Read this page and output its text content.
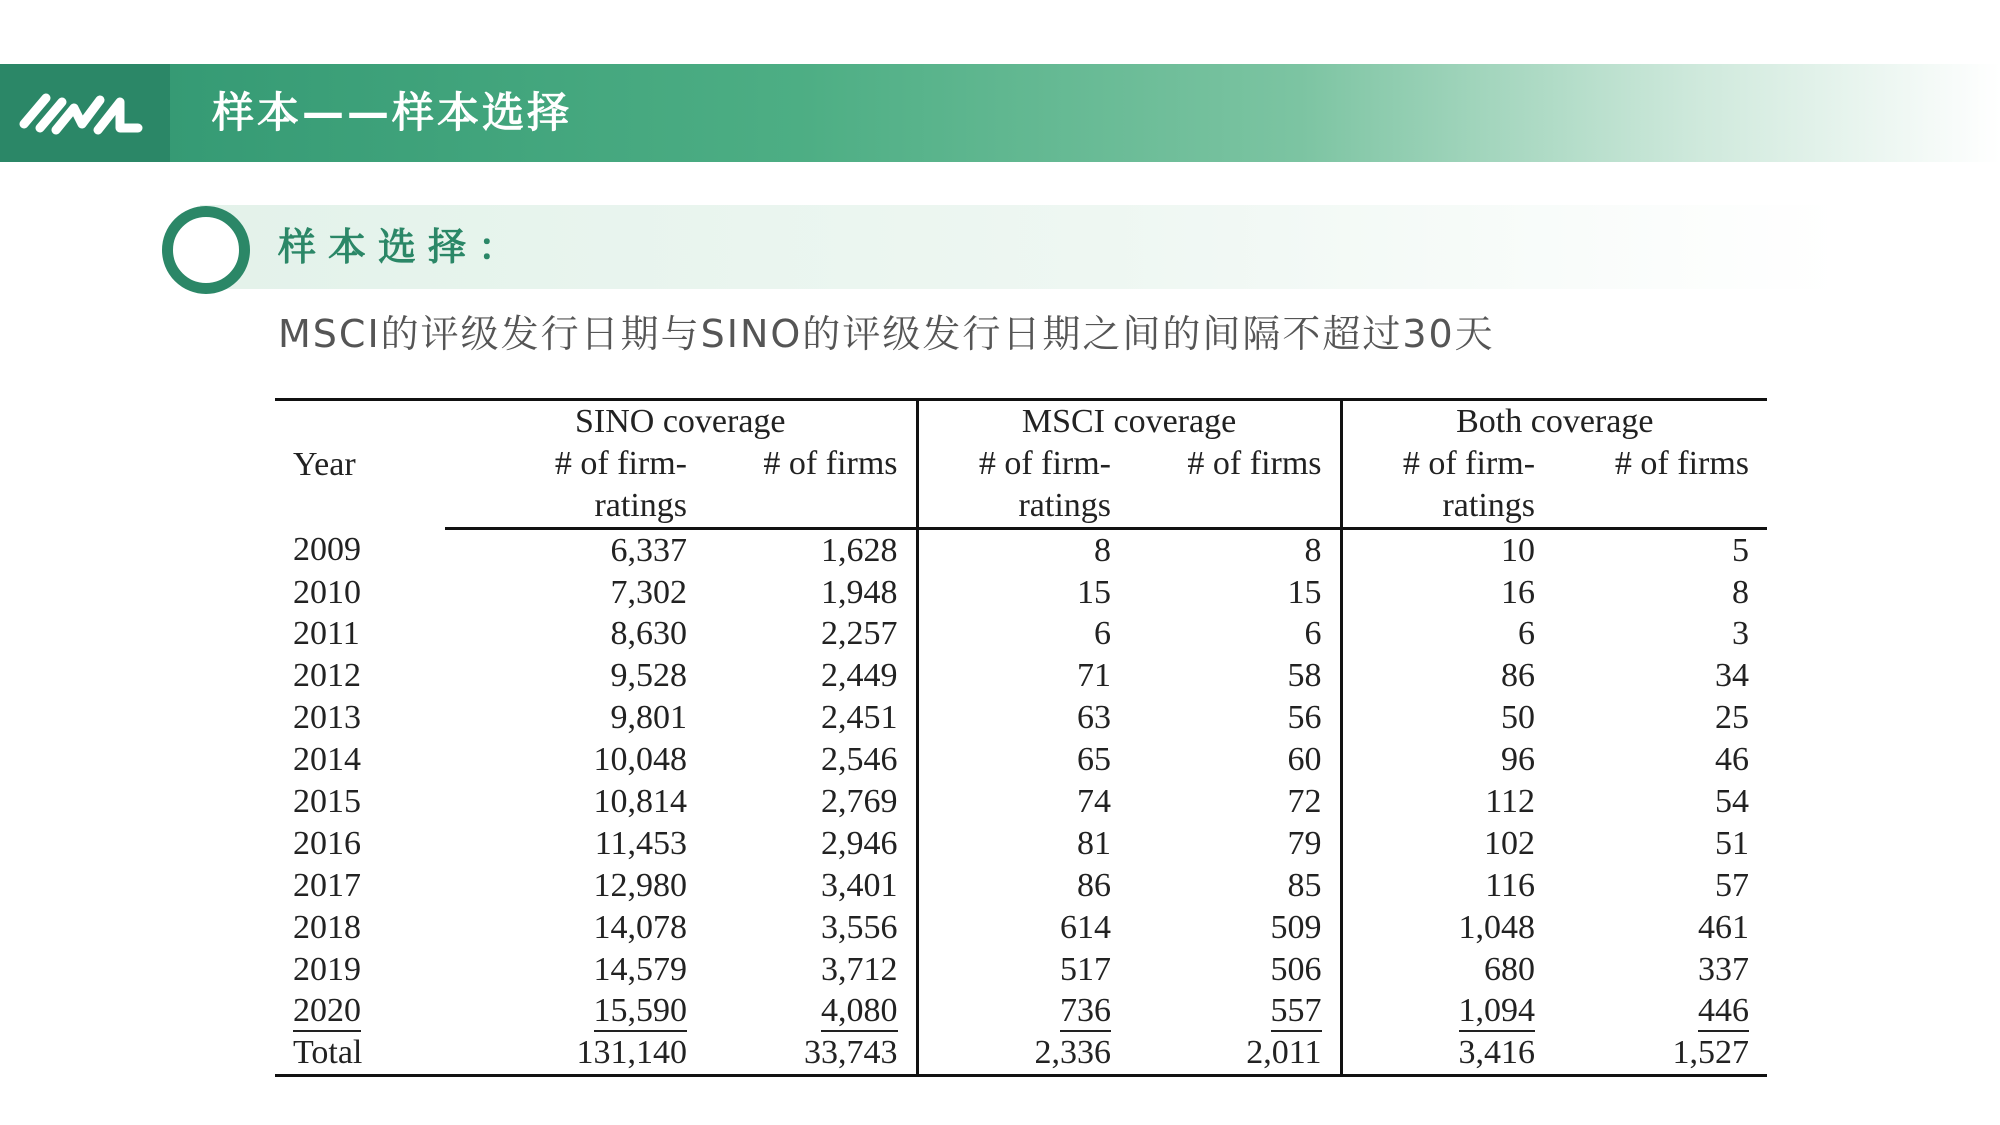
样本——样本选择
样本选择：
MSCI的评级发行日期与SINO的评级发行日期之间的间隔不超过30天
Year	SINO coverage		MSCI coverage		Both coverage	
	# of firm-	# of firms	# of firm-	# of firms	# of firm-	# of firms
	ratings		ratings		ratings	
2009	6,337	1,628	8	8	10	5
2010	7,302	1,948	15	15	16	8
2011	8,630	2,257	6	6	6	3
2012	9,528	2,449	71	58	86	34
2013	9,801	2,451	63	56	50	25
2014	10,048	2,546	65	60	96	46
2015	10,814	2,769	74	72	112	54
2016	11,453	2,946	81	79	102	51
2017	12,980	3,401	86	85	116	57
2018	14,078	3,556	614	509	1,048	461
2019	14,579	3,712	517	506	680	337
2020	15,590	4,080	736	557	1,094	446
Total	131,140	33,743	2,336	2,011	3,416	1,527
